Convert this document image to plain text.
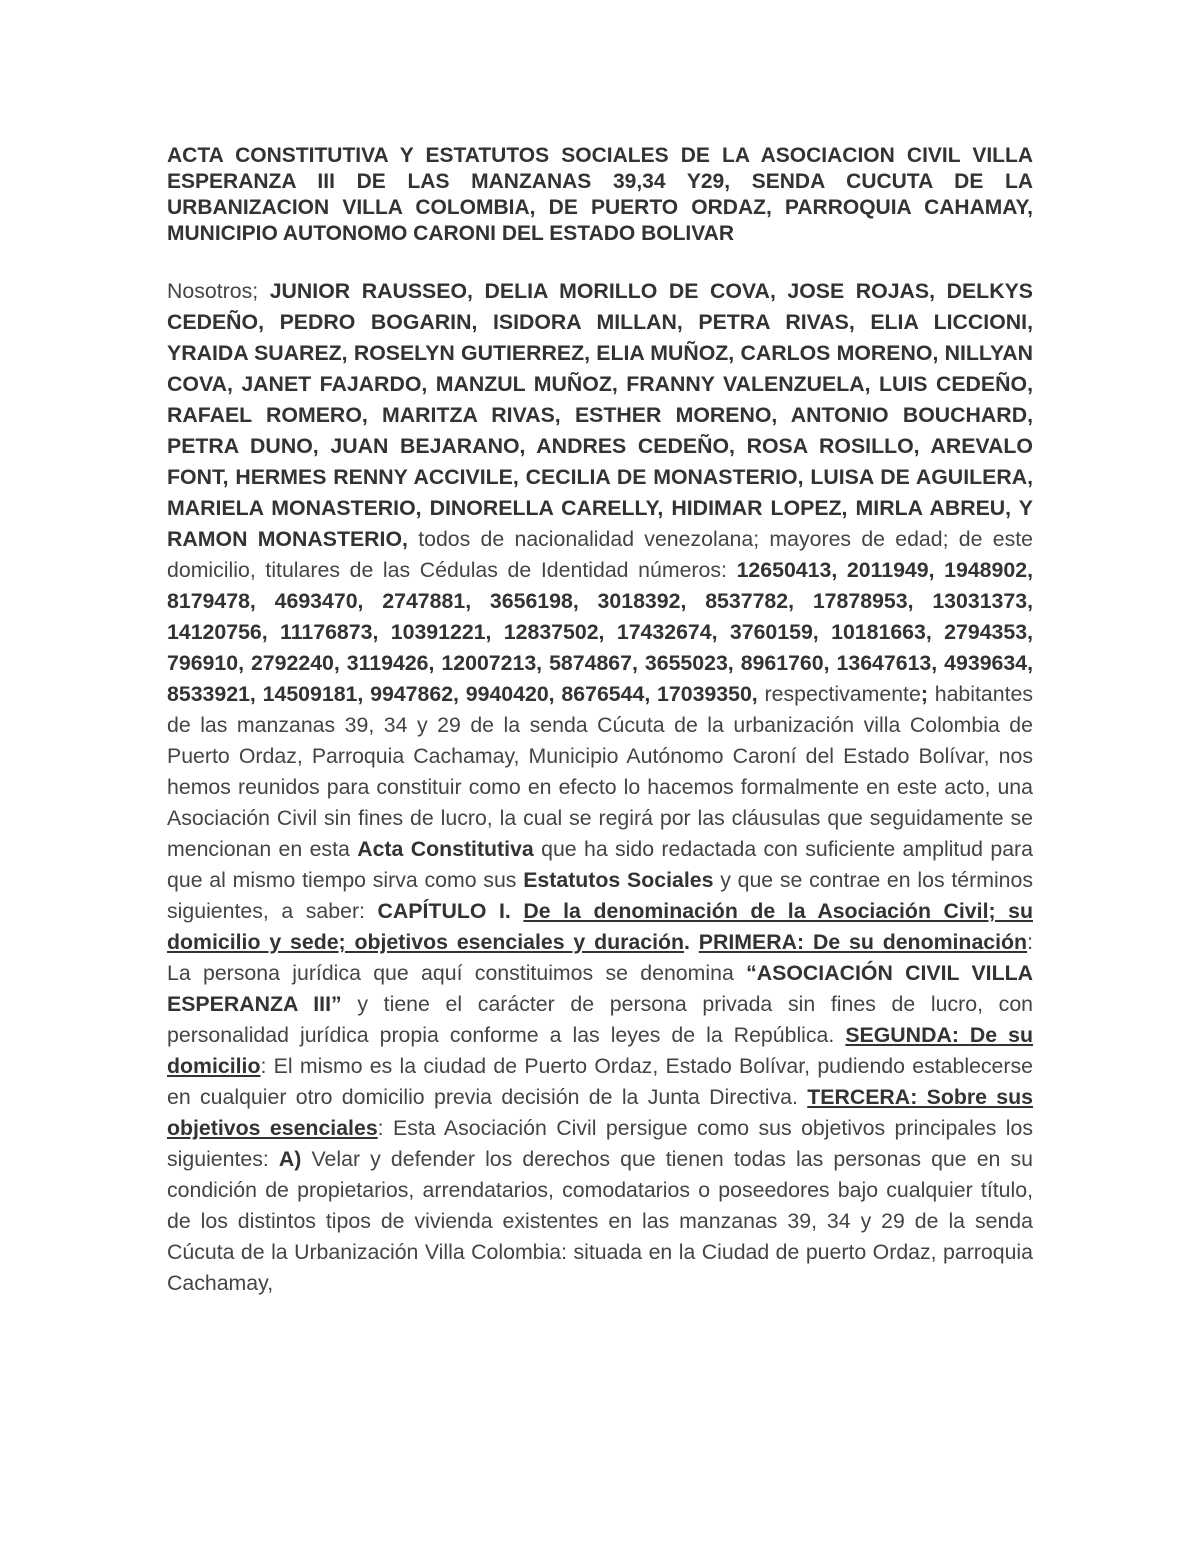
ACTA CONSTITUTIVA Y ESTATUTOS SOCIALES DE LA ASOCIACION CIVIL VILLA ESPERANZA III DE LAS MANZANAS 39,34 Y29, SENDA CUCUTA DE LA URBANIZACION VILLA COLOMBIA, DE PUERTO ORDAZ, PARROQUIA CAHAMAY, MUNICIPIO AUTONOMO CARONI DEL ESTADO BOLIVAR

Nosotros; JUNIOR RAUSSEO, DELIA MORILLO DE COVA, JOSE ROJAS, DELKYS CEDEÑO, PEDRO BOGARIN, ISIDORA MILLAN, PETRA RIVAS, ELIA LICCIONI, YRAIDA SUAREZ, ROSELYN GUTIERREZ, ELIA MUÑOZ, CARLOS MORENO, NILLYAN COVA, JANET FAJARDO, MANZUL MUÑOZ, FRANNY VALENZUELA, LUIS CEDEÑO, RAFAEL ROMERO, MARITZA RIVAS, ESTHER MORENO, ANTONIO BOUCHARD, PETRA DUNO, JUAN BEJARANO, ANDRES CEDEÑO, ROSA ROSILLO, AREVALO FONT, HERMES RENNY ACCIVILE, CECILIA DE MONASTERIO, LUISA DE AGUILERA, MARIELA MONASTERIO, DINORELLA CARELLY, HIDIMAR LOPEZ, MIRLA ABREU, Y RAMON MONASTERIO, todos de nacionalidad venezolana; mayores de edad; de este domicilio, titulares de las Cédulas de Identidad números: 12650413, 2011949, 1948902, 8179478, 4693470, 2747881, 3656198, 3018392, 8537782, 17878953, 13031373, 14120756, 11176873, 10391221, 12837502, 17432674, 3760159, 10181663, 2794353, 796910, 2792240, 3119426, 12007213, 5874867, 3655023, 8961760, 13647613, 4939634, 8533921, 14509181, 9947862, 9940420, 8676544, 17039350, respectivamente; habitantes de las manzanas 39, 34 y 29 de la senda Cúcuta de la urbanización villa Colombia de Puerto Ordaz, Parroquia Cachamay, Municipio Autónomo Caroní del Estado Bolívar, nos hemos reunidos para constituir como en efecto lo hacemos formalmente en este acto, una Asociación Civil sin fines de lucro, la cual se regirá por las cláusulas que seguidamente se mencionan en esta Acta Constitutiva que ha sido redactada con suficiente amplitud para que al mismo tiempo sirva como sus Estatutos Sociales y que se contrae en los términos siguientes, a saber: CAPÍTULO I. De la denominación de la Asociación Civil; su domicilio y sede; objetivos esenciales y duración. PRIMERA: De su denominación: La persona jurídica que aquí constituimos se denomina “ASOCIACIÓN CIVIL VILLA ESPERANZA III” y tiene el carácter de persona privada sin fines de lucro, con personalidad jurídica propia conforme a las leyes de la República. SEGUNDA: De su domicilio: El mismo es la ciudad de Puerto Ordaz, Estado Bolívar, pudiendo establecerse en cualquier otro domicilio previa decisión de la Junta Directiva. TERCERA: Sobre sus objetivos esenciales: Esta Asociación Civil persigue como sus objetivos principales los siguientes: A) Velar y defender los derechos que tienen todas las personas que en su condición de propietarios, arrendatarios, comodatarios o poseedores bajo cualquier título, de los distintos tipos de vivienda existentes en las manzanas 39, 34 y 29 de la senda Cúcuta de la Urbanización Villa Colombia: situada en la Ciudad de puerto Ordaz, parroquia Cachamay,
